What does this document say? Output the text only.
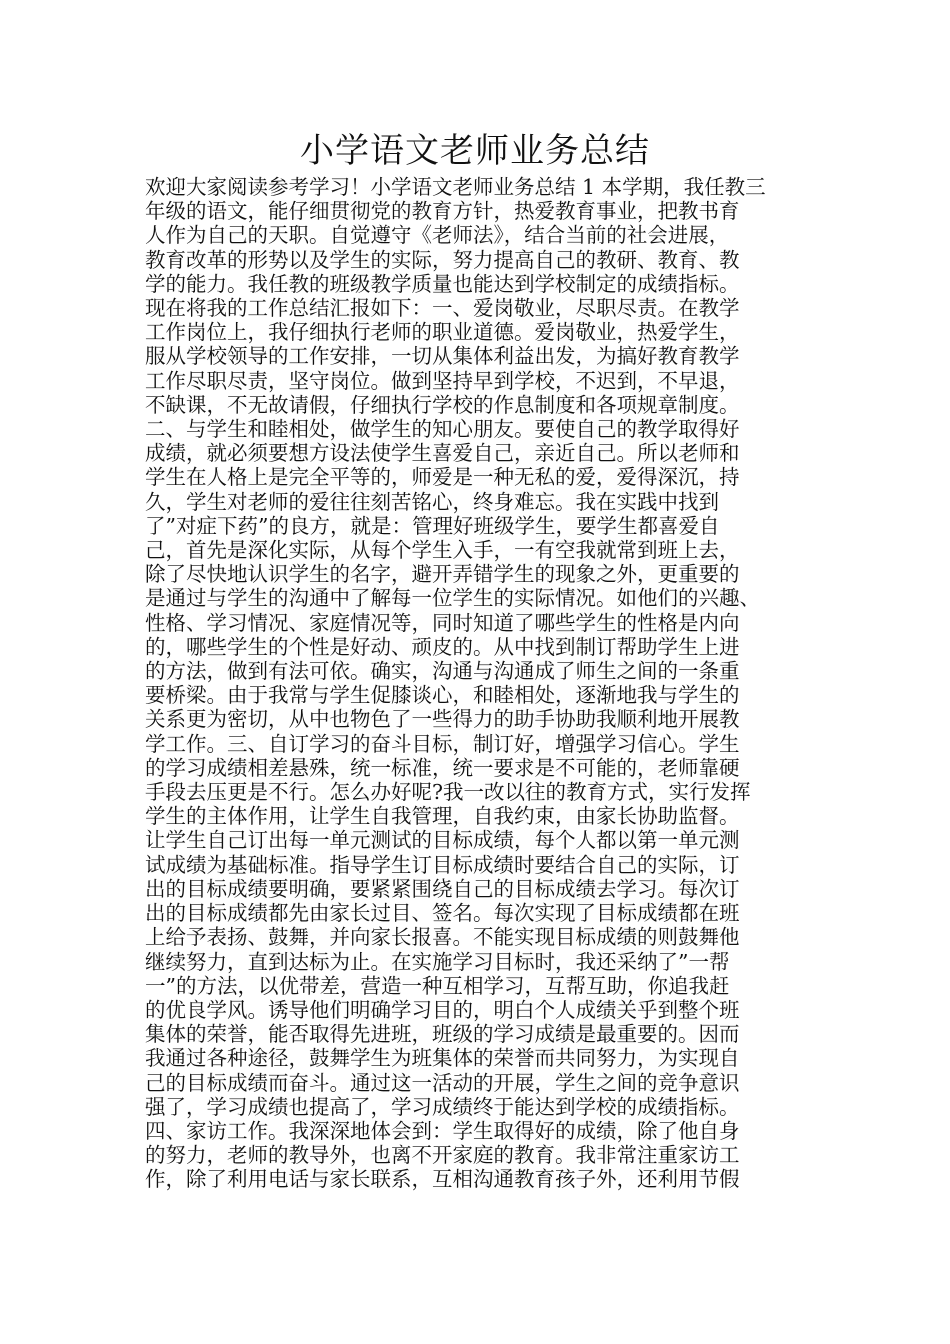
小学语文老师业务总结
欢迎大家阅读参考学习！小学语文老师业务总结 1 本学期，我任教三
年级的语文，能仔细贯彻党的教育方针，热爱教育事业，把教书育
人作为自己的天职。自觉遵守《老师法》，结合当前的社会进展，
教育改革的形势以及学生的实际，努力提高自己的教研、教育、教
学的能力。我任教的班级教学质量也能达到学校制定的成绩指标。
现在将我的工作总结汇报如下：一、爱岗敬业，尽职尽责。在教学
工作岗位上，我仔细执行老师的职业道德。爱岗敬业，热爱学生，
服从学校领导的工作安排，一切从集体利益出发，为搞好教育教学
工作尽职尽责，坚守岗位。做到坚持早到学校，不迟到，不早退，
不缺课，不无故请假，仔细执行学校的作息制度和各项规章制度。
二、与学生和睦相处，做学生的知心朋友。要使自己的教学取得好
成绩，就必须要想方设法使学生喜爱自己，亲近自己。所以老师和
学生在人格上是完全平等的，师爱是一种无私的爱，爱得深沉，持
久，学生对老师的爱往往刻苦铭心，终身难忘。我在实践中找到
了”对症下药”的良方，就是：管理好班级学生，要学生都喜爱自
己，首先是深化实际，从每个学生入手，一有空我就常到班上去，
除了尽快地认识学生的名字，避开弄错学生的现象之外，更重要的
是通过与学生的沟通中了解每一位学生的实际情况。如他们的兴趣、
性格、学习情况、家庭情况等，同时知道了哪些学生的性格是内向
的，哪些学生的个性是好动、顽皮的。从中找到制订帮助学生上进
的方法，做到有法可依。确实，沟通与沟通成了师生之间的一条重
要桥梁。由于我常与学生促膝谈心，和睦相处，逐渐地我与学生的
关系更为密切，从中也物色了一些得力的助手协助我顺利地开展教
学工作。三、自订学习的奋斗目标，制订好，增强学习信心。学生
的学习成绩相差悬殊，统一标准，统一要求是不可能的，老师靠硬
手段去压更是不行。怎么办好呢?我一改以往的教育方式，实行发挥
学生的主体作用，让学生自我管理，自我约束，由家长协助监督。
让学生自己订出每一单元测试的目标成绩，每个人都以第一单元测
试成绩为基础标准。指导学生订目标成绩时要结合自己的实际，订
出的目标成绩要明确，要紧紧围绕自己的目标成绩去学习。每次订
出的目标成绩都先由家长过目、签名。每次实现了目标成绩都在班
上给予表扬、鼓舞，并向家长报喜。不能实现目标成绩的则鼓舞他
继续努力，直到达标为止。在实施学习目标时，我还采纳了”一帮
一”的方法，以优带差，营造一种互相学习，互帮互助，你追我赶
的优良学风。诱导他们明确学习目的，明白个人成绩关乎到整个班
集体的荣誉，能否取得先进班，班级的学习成绩是最重要的。因而
我通过各种途径，鼓舞学生为班集体的荣誉而共同努力，为实现自
己的目标成绩而奋斗。通过这一活动的开展，学生之间的竞争意识
强了，学习成绩也提高了，学习成绩终于能达到学校的成绩指标。
四、家访工作。我深深地体会到：学生取得好的成绩，除了他自身
的努力，老师的教导外，也离不开家庭的教育。我非常注重家访工
作，除了利用电话与家长联系，互相沟通教育孩子外，还利用节假
